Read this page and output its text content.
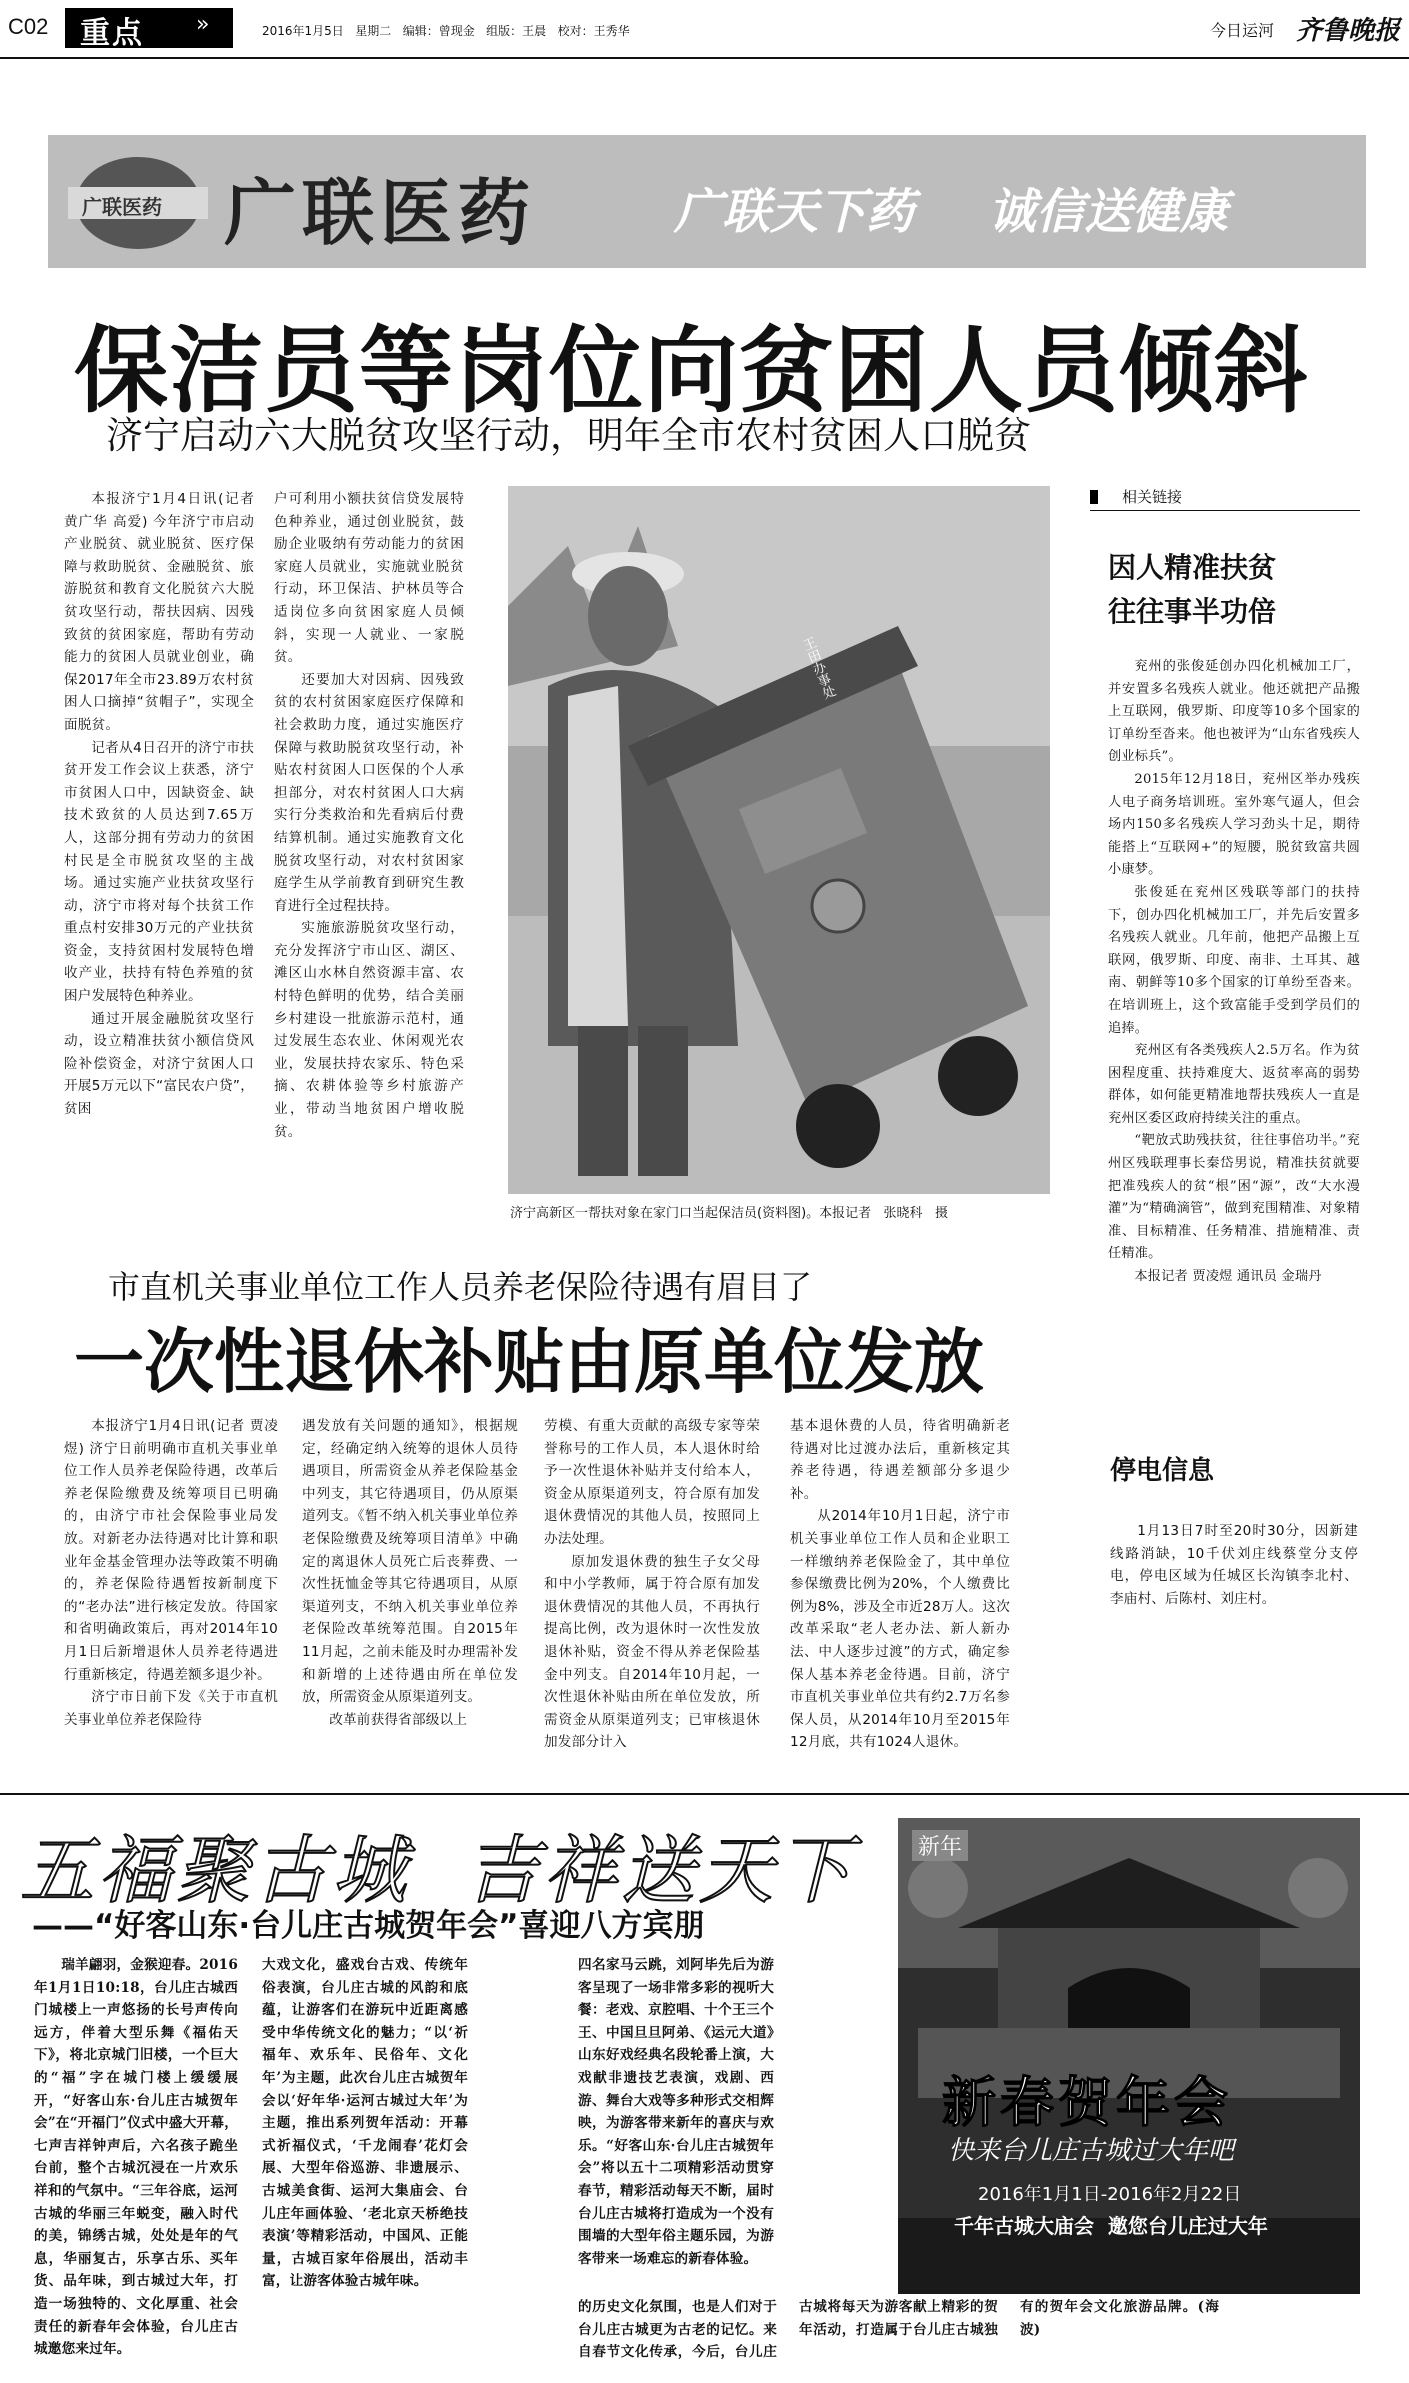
C02 重点 »	2016年1月5日   星期二   编辑：曾现金   组版：王晨   校对：王秀华	今日运河 齐鲁晚报
广联医药 广联医药	广联天下药 诚信送健康
保洁员等岗位向贫困人员倾斜
济宁启动六大脱贫攻坚行动，明年全市农村贫困人口脱贫

本报济宁1月4日讯(记者 黄广华 高爱) 今年济宁市启动产业脱贫、就业脱贫、医疗保障与救助脱贫、金融脱贫、旅游脱贫和教育文化脱贫六大脱贫攻坚行动，帮扶因病、因残致贫的贫困家庭，帮助有劳动能力的贫困人员就业创业，确保2017年全市23.89万农村贫困人口摘掉“贫帽子”，实现全面脱贫。

记者从4日召开的济宁市扶贫开发工作会议上获悉，济宁市贫困人口中，因缺资金、缺技术致贫的人员达到7.65万人，这部分拥有劳动力的贫困村民是全市脱贫攻坚的主战场。通过实施产业扶贫攻坚行动，济宁市将对每个扶贫工作重点村安排30万元的产业扶贫资金，支持贫困村发展特色增收产业，扶持有特色养殖的贫困户发展特色种养业。

通过开展金融脱贫攻坚行动，设立精准扶贫小额信贷风险补偿资金，对济宁贫困人口开展5万元以下“富民农户贷”，贫困

户可利用小额扶贫信贷发展特色种养业，通过创业脱贫，鼓励企业吸纳有劳动能力的贫困家庭人员就业，实施就业脱贫行动，环卫保洁、护林员等合适岗位多向贫困家庭人员倾斜，实现一人就业、一家脱贫。

还要加大对因病、因残致贫的农村贫困家庭医疗保障和社会救助力度，通过实施医疗保障与救助脱贫攻坚行动，补贴农村贫困人口医保的个人承担部分，对农村贫困人口大病实行分类救治和先看病后付费结算机制。通过实施教育文化脱贫攻坚行动，对农村贫困家庭学生从学前教育到研究生教育进行全过程扶持。

实施旅游脱贫攻坚行动，充分发挥济宁市山区、湖区、滩区山水林自然资源丰富、农村特色鲜明的优势，结合美丽乡村建设一批旅游示范村，通过发展生态农业、休闲观光农业，发展扶持农家乐、特色采摘、农耕体验等乡村旅游产业，带动当地贫困户增收脱贫。

王田办事处
济宁高新区一帮扶对象在家门口当起保洁员(资料图)。本报记者   张晓科   摄
相关链接
因人精准扶贫
往往事半功倍

兖州的张俊延创办四化机械加工厂，并安置多名残疾人就业。他还就把产品搬上互联网，俄罗斯、印度等10多个国家的订单纷至沓来。他也被评为“山东省残疾人创业标兵”。

2015年12月18日，兖州区举办残疾人电子商务培训班。室外寒气逼人，但会场内150多名残疾人学习劲头十足，期待能搭上“互联网+”的短腰，脱贫致富共圆小康梦。

张俊延在兖州区残联等部门的扶持下，创办四化机械加工厂，并先后安置多名残疾人就业。几年前，他把产品搬上互联网，俄罗斯、印度、南非、土耳其、越南、朝鲜等10多个国家的订单纷至沓来。在培训班上，这个致富能手受到学员们的追捧。

兖州区有各类残疾人2.5万名。作为贫困程度重、扶持难度大、返贫率高的弱势群体，如何能更精准地帮扶残疾人一直是兖州区委区政府持续关注的重点。

“靶放式助残扶贫，往往事倍功半。”兖州区残联理事长秦岱男说，精准扶贫就要把准残疾人的贫“根”困“源”，改“大水漫灌”为“精确滴管”，做到兖围精准、对象精准、目标精准、任务精准、措施精准、责任精准。

本报记者 贾凌煜 通讯员 金瑞丹

市直机关事业单位工作人员养老保险待遇有眉目了
一次性退休补贴由原单位发放

本报济宁1月4日讯(记者 贾凌煜) 济宁日前明确市直机关事业单位工作人员养老保险待遇，改革后养老保险缴费及统筹项目已明确的，由济宁市社会保险事业局发放。对新老办法待遇对比计算和职业年金基金管理办法等政策不明确的，养老保险待遇暂按新制度下的“老办法”进行核定发放。待国家和省明确政策后，再对2014年10月1日后新增退休人员养老待遇进行重新核定，待遇差额多退少补。

济宁市日前下发《关于市直机关事业单位养老保险待

遇发放有关问题的通知》，根据规定，经确定纳入统筹的退休人员待遇项目，所需资金从养老保险基金中列支，其它待遇项目，仍从原渠道列支。《暂不纳入机关事业单位养老保险缴费及统筹项目清单》中确定的离退休人员死亡后丧葬费、一次性抚恤金等其它待遇项目，从原渠道列支，不纳入机关事业单位养老保险改革统筹范围。自2015年11月起，之前未能及时办理需补发和新增的上述待遇由所在单位发放，所需资金从原渠道列支。

改革前获得省部级以上

劳模、有重大贡献的高级专家等荣誉称号的工作人员，本人退休时给予一次性退休补贴并支付给本人，资金从原渠道列支，符合原有加发退休费情况的其他人员，按照同上办法处理。

原加发退休费的独生子女父母和中小学教师，属于符合原有加发退休费情况的其他人员，不再执行提高比例，改为退休时一次性发放退休补贴，资金不得从养老保险基金中列支。自2014年10月起，一次性退休补贴由所在单位发放，所需资金从原渠道列支；已审核退休加发部分计入

基本退休费的人员，待省明确新老待遇对比过渡办法后，重新核定其养老待遇，待遇差额部分多退少补。

从2014年10月1日起，济宁市机关事业单位工作人员和企业职工一样缴纳养老保险金了，其中单位参保缴费比例为20%，个人缴费比例为8%，涉及全市近28万人。这次改革采取“老人老办法、新人新办法、中人逐步过渡”的方式，确定参保人基本养老金待遇。目前，济宁市直机关事业单位共有约2.7万名参保人员，从2014年10月至2015年12月底，共有1024人退休。

停电信息

1月13日7时至20时30分，因新建线路消缺，10千伏刘庄线蔡堂分支停电，停电区域为任城区长沟镇李北村、李庙村、后陈村、刘庄村。

五福聚古城  吉祥送天下
——“好客山东·台儿庄古城贺年会”喜迎八方宾朋

瑞羊翩羽，金猴迎春。2016年1月1日10:18，台儿庄古城西门城楼上一声悠扬的长号声传向远方，伴着大型乐舞《福佑天下》，将北京城门旧楼，一个巨大的“福”字在城门楼上缓缓展开，“好客山东·台儿庄古城贺年会”在“开福门”仪式中盛大开幕，七声吉祥钟声后，六名孩子跪坐台前，整个古城沉浸在一片欢乐祥和的气氛中。“三年谷底，运河古城的华丽三年蜕变，融入时代的美，锦绣古城，处处是年的气息，华丽复古，乐享古乐、买年货、品年味，到古城过大年，打造一场独特的、文化厚重、社会责任的新春年会体验，台儿庄古城邀您来过年。

大戏文化，盛戏台古戏、传统年俗表演，台儿庄古城的风韵和底蕴，让游客们在游玩中近距离感受中华传统文化的魅力；“以‘祈福年、欢乐年、民俗年、文化年’为主题，此次台儿庄古城贺年会以‘好年华·运河古城过大年’为主题，推出系列贺年活动：开幕式祈福仪式，‘千龙闹春’花灯会展、大型年俗巡游、非遗展示、古城美食街、运河大集庙会、台儿庄年画体验、‘老北京天桥绝技表演’等精彩活动，中国风、正能量，古城百家年俗展出，活动丰富，让游客体验古城年味。

四名家马云跳，刘阿毕先后为游客呈现了一场非常多彩的视听大餐：老戏、京腔唱、十个王三个王、中国旦旦阿弟、《运元大道》山东好戏经典名段轮番上演，大戏献非遗技艺表演，戏剧、西游、舞台大戏等多种形式交相辉映，为游客带来新年的喜庆与欢乐。“好客山东·台儿庄古城贺年会”将以五十二项精彩活动贯穿春节，精彩活动每天不断，届时台儿庄古城将打造成为一个没有围墙的大型年俗主题乐园，为游客带来一场难忘的新春体验。

的历史文化氛围，也是人们对于台儿庄古城更为古老的记忆。来自春节文化传承，今后，台儿庄古城将每天为游客献上精彩的贺年活动，打造属于台儿庄古城独有的贺年会文化旅游品牌。(海波)

新年
新春贺年会
快来台儿庄古城过大年吧
2016年1月1日-2016年2月22日
千年古城大庙会  邀您台儿庄过大年
